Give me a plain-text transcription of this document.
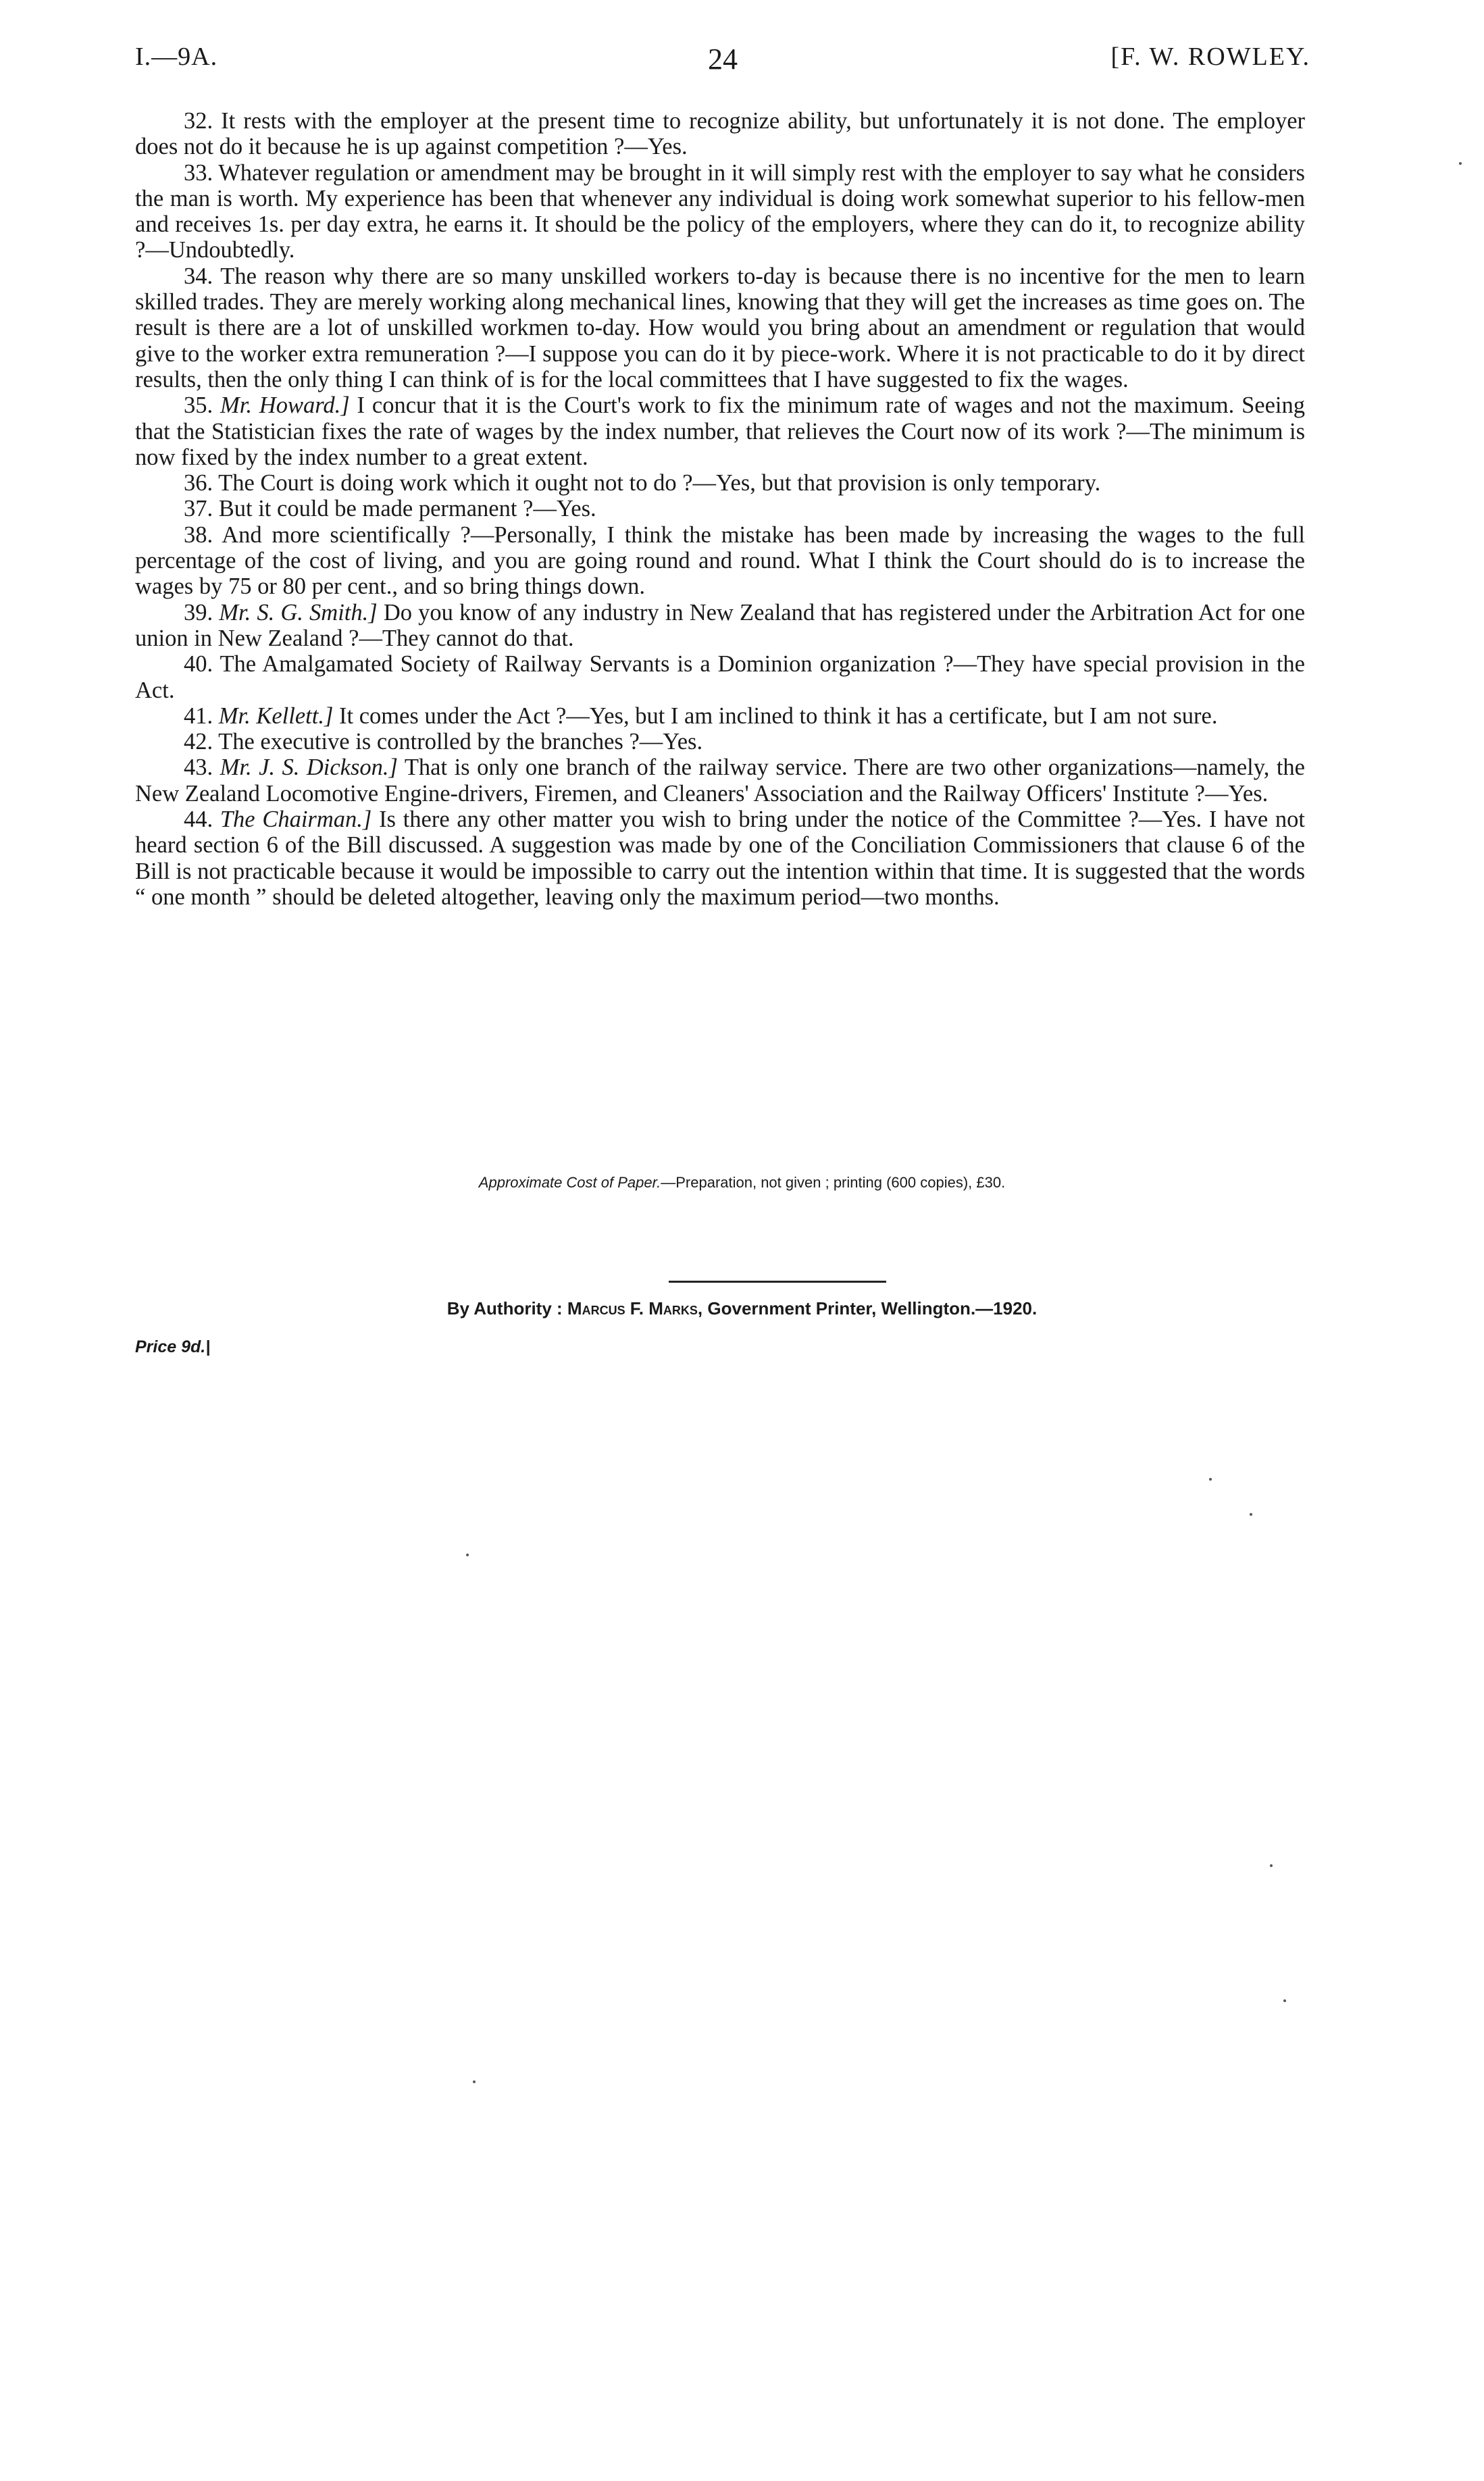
I.—9A.	24	[F. W. ROWLEY.

32. It rests with the employer at the present time to recognize ability, but unfortunately it is not done. The employer does not do it because he is up against competition ?—Yes.

33. Whatever regulation or amendment may be brought in it will simply rest with the employer to say what he considers the man is worth. My experience has been that whenever any individual is doing work somewhat superior to his fellow-men and receives 1s. per day extra, he earns it. It should be the policy of the employers, where they can do it, to recognize ability ?—Undoubtedly.

34. The reason why there are so many unskilled workers to-day is because there is no incentive for the men to learn skilled trades. They are merely working along mechanical lines, knowing that they will get the increases as time goes on. The result is there are a lot of unskilled workmen to-day. How would you bring about an amendment or regulation that would give to the worker extra remuneration ?—I suppose you can do it by piece-work. Where it is not practicable to do it by direct results, then the only thing I can think of is for the local committees that I have suggested to fix the wages.

35. Mr. Howard.] I concur that it is the Court's work to fix the minimum rate of wages and not the maximum. Seeing that the Statistician fixes the rate of wages by the index number, that relieves the Court now of its work ?—The minimum is now fixed by the index number to a great extent.

36. The Court is doing work which it ought not to do ?—Yes, but that provision is only temporary.

37. But it could be made permanent ?—Yes.

38. And more scientifically ?—Personally, I think the mistake has been made by increasing the wages to the full percentage of the cost of living, and you are going round and round. What I think the Court should do is to increase the wages by 75 or 80 per cent., and so bring things down.

39. Mr. S. G. Smith.] Do you know of any industry in New Zealand that has registered under the Arbitration Act for one union in New Zealand ?—They cannot do that.

40. The Amalgamated Society of Railway Servants is a Dominion organization ?—They have special provision in the Act.

41. Mr. Kellett.] It comes under the Act ?—Yes, but I am inclined to think it has a certificate, but I am not sure.

42. The executive is controlled by the branches ?—Yes.

43. Mr. J. S. Dickson.] That is only one branch of the railway service. There are two other organizations—namely, the New Zealand Locomotive Engine-drivers, Firemen, and Cleaners' Association and the Railway Officers' Institute ?—Yes.

44. The Chairman.] Is there any other matter you wish to bring under the notice of the Committee ?—Yes. I have not heard section 6 of the Bill discussed. A suggestion was made by one of the Conciliation Commissioners that clause 6 of the Bill is not practicable because it would be impossible to carry out the intention within that time. It is suggested that the words “ one month ” should be deleted altogether, leaving only the maximum period—two months.

Approximate Cost of Paper.—Preparation, not given ; printing (600 copies), £30.
By Authority : Marcus F. Marks, Government Printer, Wellington.—1920.
Price 9d.|
